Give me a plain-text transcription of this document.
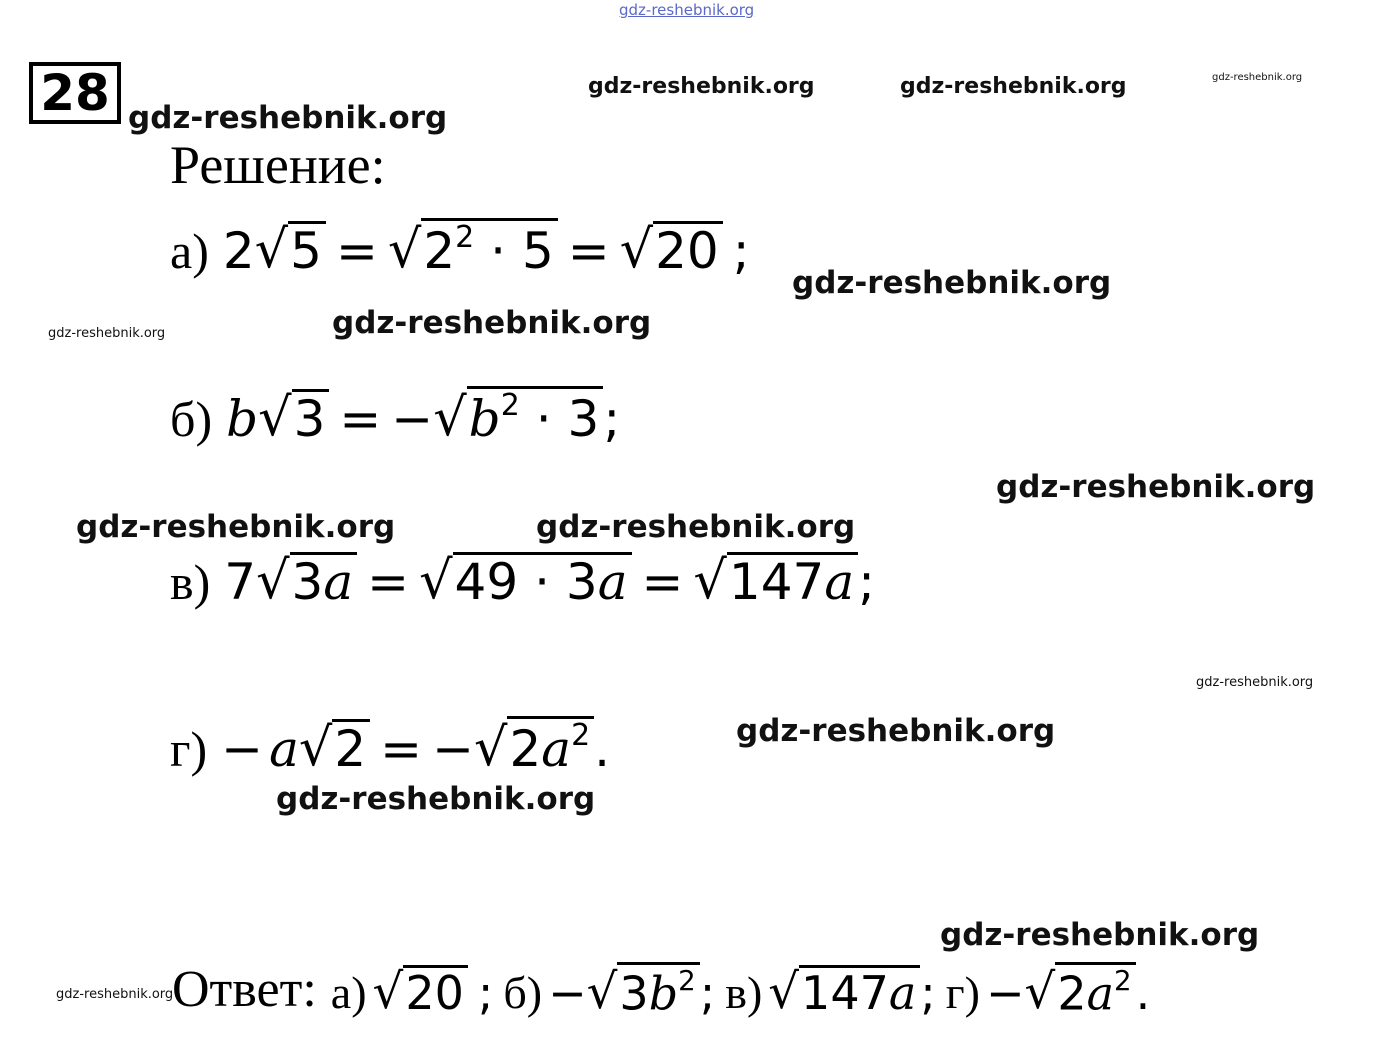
gdz-reshebnik.org
gdz-reshebnik.org	gdz-reshebnik.org	gdz-reshebnik.org
gdz-reshebnik.org
gdz-reshebnik.org
gdz-reshebnik.org
gdz-reshebnik.org
gdz-reshebnik.org
gdz-reshebnik.org	gdz-reshebnik.org
gdz-reshebnik.org
gdz-reshebnik.org
gdz-reshebnik.org
gdz-reshebnik.org
gdz-reshebnik.org
28
Решение:
а) 2 √ 5 = √ $2^2 \cdot 5$ = √ 20 ;
б) b √ 3 = − √ $b^2 \cdot 3$ ;
в) 7 √ 3a = √ 49 · 3a = √ 147a ;
г) − a √ 2 = − √ $2a^2$ .
Ответ: а) √ 20 ; б) − √ $3b^2$ ; в) √ 147a ; г) − √ $2a^2$ .
